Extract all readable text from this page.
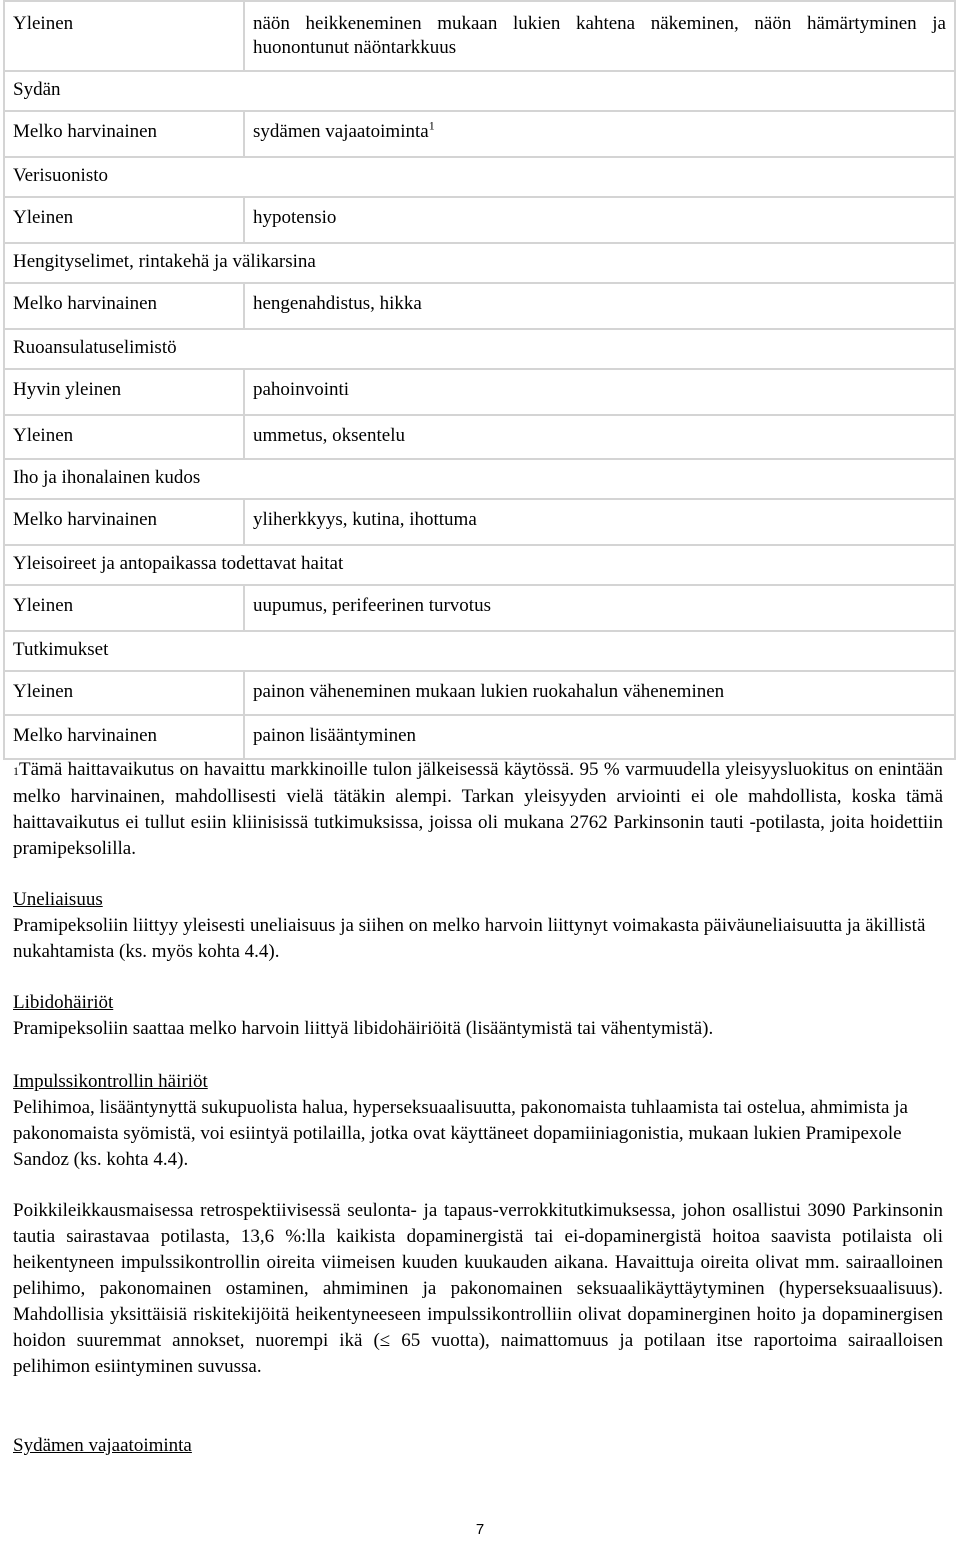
Yleinen	näön heikkeneminen mukaan lukien kahtena näkeminen, näön hämärtyminen ja huonontunut näöntarkkuus
Sydän	
Melko harvinainen	sydämen vajaatoiminta$^1$
Verisuonisto	
Yleinen	hypotensio
Hengityselimet, rintakehä ja välikarsina	
Melko harvinainen	hengenahdistus, hikka
Ruoansulatuselimistö	
Hyvin yleinen	pahoinvointi
Yleinen	ummetus, oksentelu
Iho ja ihonalainen kudos	
Melko harvinainen	yliherkkyys, kutina, ihottuma
Yleisoireet ja antopaikassa todettavat haitat	
Yleinen	uupumus, perifeerinen turvotus
Tutkimukset	
Yleinen	painon väheneminen mukaan lukien ruokahalun väheneminen
Melko harvinainen	painon lisääntyminen
1Tämä haittavaikutus on havaittu markkinoille tulon jälkeisessä käytössä. 95 % varmuudella yleisyysluokitus on enintään melko harvinainen, mahdollisesti vielä tätäkin alempi. Tarkan yleisyyden arviointi ei ole mahdollista, koska tämä haittavaikutus ei tullut esiin kliinisissä tutkimuksissa, joissa oli mukana 2762 Parkinsonin tauti -potilasta, joita hoidettiin pramipeksolilla.

Uneliaisuus

Pramipeksoliin liittyy yleisesti uneliaisuus ja siihen on melko harvoin liittynyt voimakasta päiväuneliaisuutta ja äkillistä nukahtamista (ks. myös kohta 4.4).

Libidohäiriöt

Pramipeksoliin saattaa melko harvoin liittyä libidohäiriöitä (lisääntymistä tai vähentymistä).

Impulssikontrollin häiriöt

Pelihimoa, lisääntynyttä sukupuolista halua, hyperseksuaalisuutta, pakonomaista tuhlaamista tai ostelua, ahmimista ja pakonomaista syömistä, voi esiintyä potilailla, jotka ovat käyttäneet dopamiiniagonistia, mukaan lukien Pramipexole Sandoz (ks. kohta 4.4).

Poikkileikkausmaisessa retrospektiivisessä seulonta- ja tapaus-verrokkitutkimuksessa, johon osallistui 3090 Parkinsonin tautia sairastavaa potilasta, 13,6 %:lla kaikista dopaminergistä tai ei-dopaminergistä hoitoa saavista potilaista oli heikentyneen impulssikontrollin oireita viimeisen kuuden kuukauden aikana. Havaittuja oireita olivat mm. sairaalloinen pelihimo, pakonomainen ostaminen, ahmiminen ja pakonomainen seksuaalikäyttäytyminen (hyperseksuaalisuus). Mahdollisia yksittäisiä riskitekijöitä heikentyneeseen impulssikontrolliin olivat dopaminerginen hoito ja dopaminergisen hoidon suuremmat annokset, nuorempi ikä (≤ 65 vuotta), naimattomuus ja potilaan itse raportoima sairaalloisen pelihimon esiintyminen suvussa.

Sydämen vajaatoiminta

7
